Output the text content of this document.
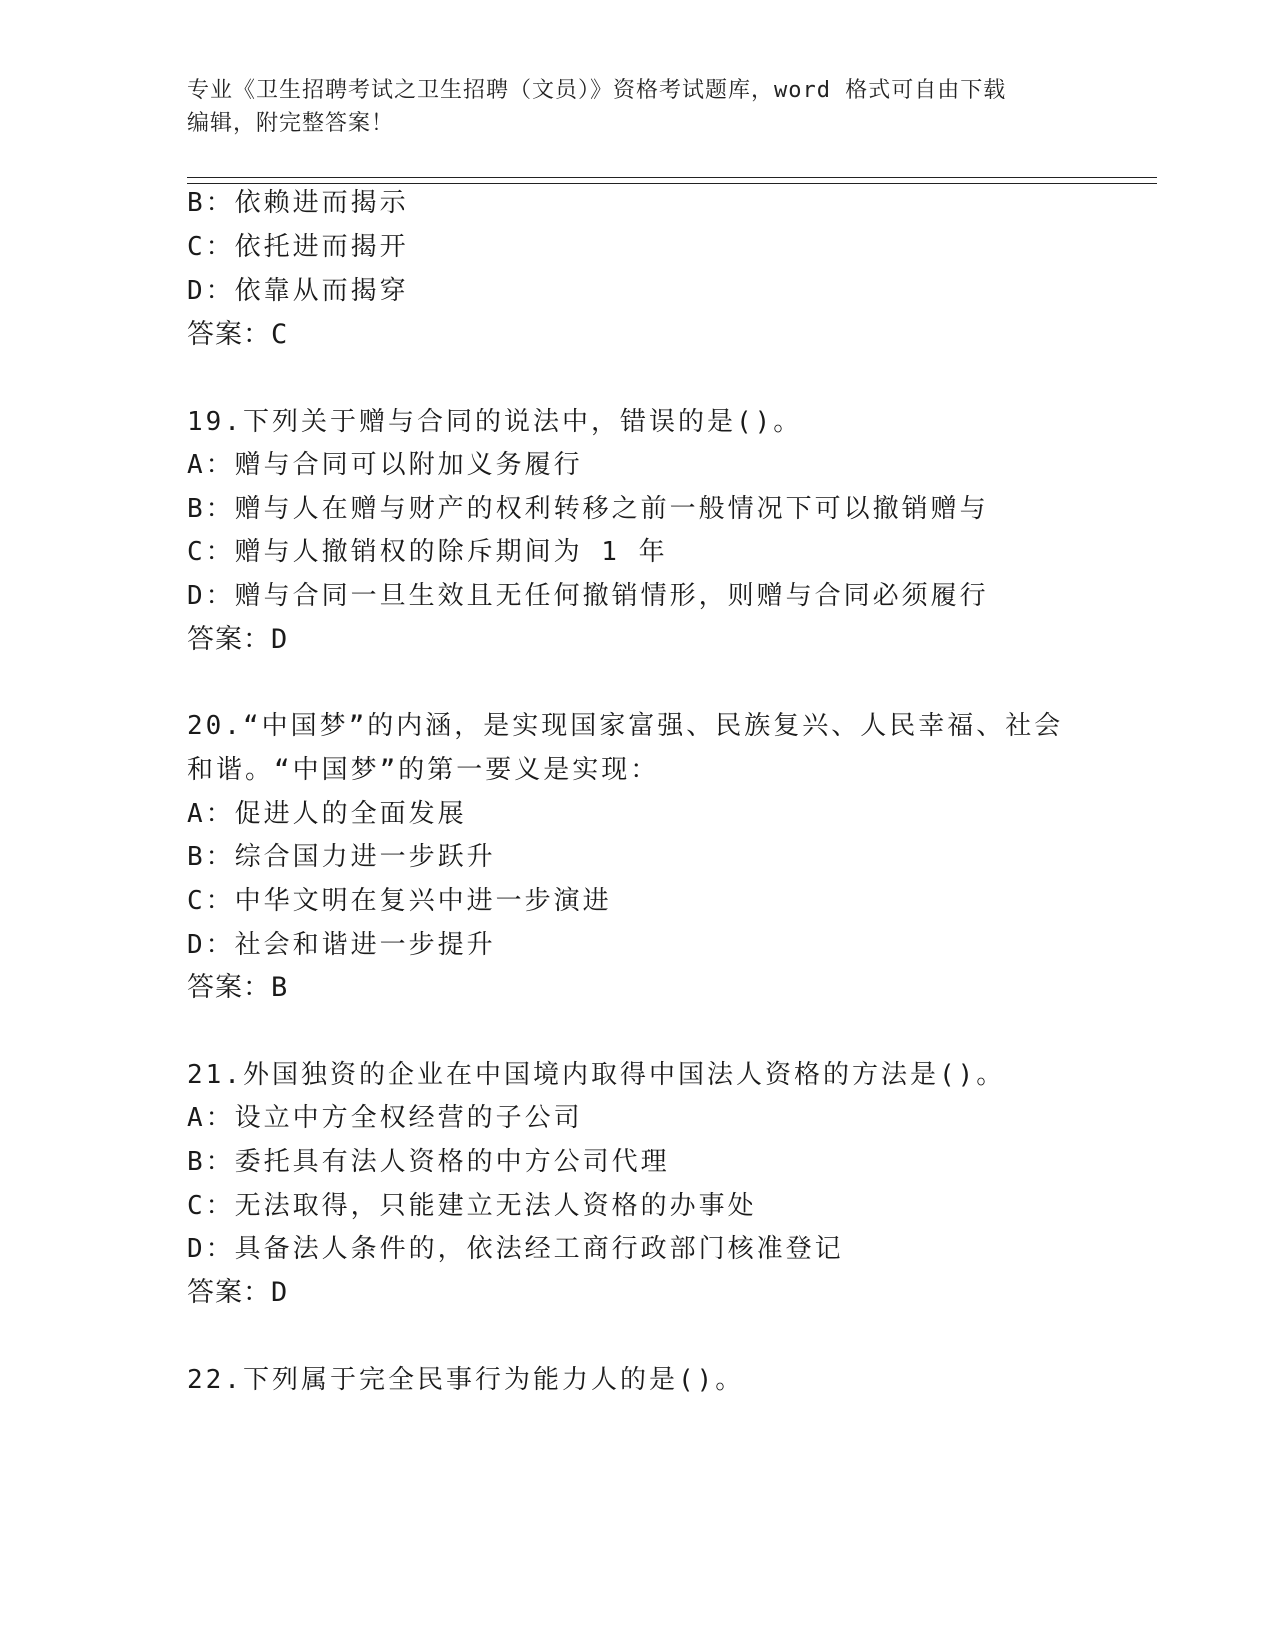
专业《卫生招聘考试之卫生招聘（文员）》资格考试题库，word 格式可自由下载
编辑，附完整答案！
B：依赖进而揭示
C：依托进而揭开
D：依靠从而揭穿
答案：C
19.下列关于赠与合同的说法中，错误的是()。
A：赠与合同可以附加义务履行
B：赠与人在赠与财产的权利转移之前一般情况下可以撤销赠与
C：赠与人撤销权的除斥期间为 1 年
D：赠与合同一旦生效且无任何撤销情形，则赠与合同必须履行
答案：D
20.“中国梦”的内涵，是实现国家富强、民族复兴、人民幸福、社会
和谐。“中国梦”的第一要义是实现：
A：促进人的全面发展
B：综合国力进一步跃升
C：中华文明在复兴中进一步演进
D：社会和谐进一步提升
答案：B
21.外国独资的企业在中国境内取得中国法人资格的方法是()。
A：设立中方全权经营的子公司
B：委托具有法人资格的中方公司代理
C：无法取得，只能建立无法人资格的办事处
D：具备法人条件的，依法经工商行政部门核准登记
答案：D
22.下列属于完全民事行为能力人的是()。
